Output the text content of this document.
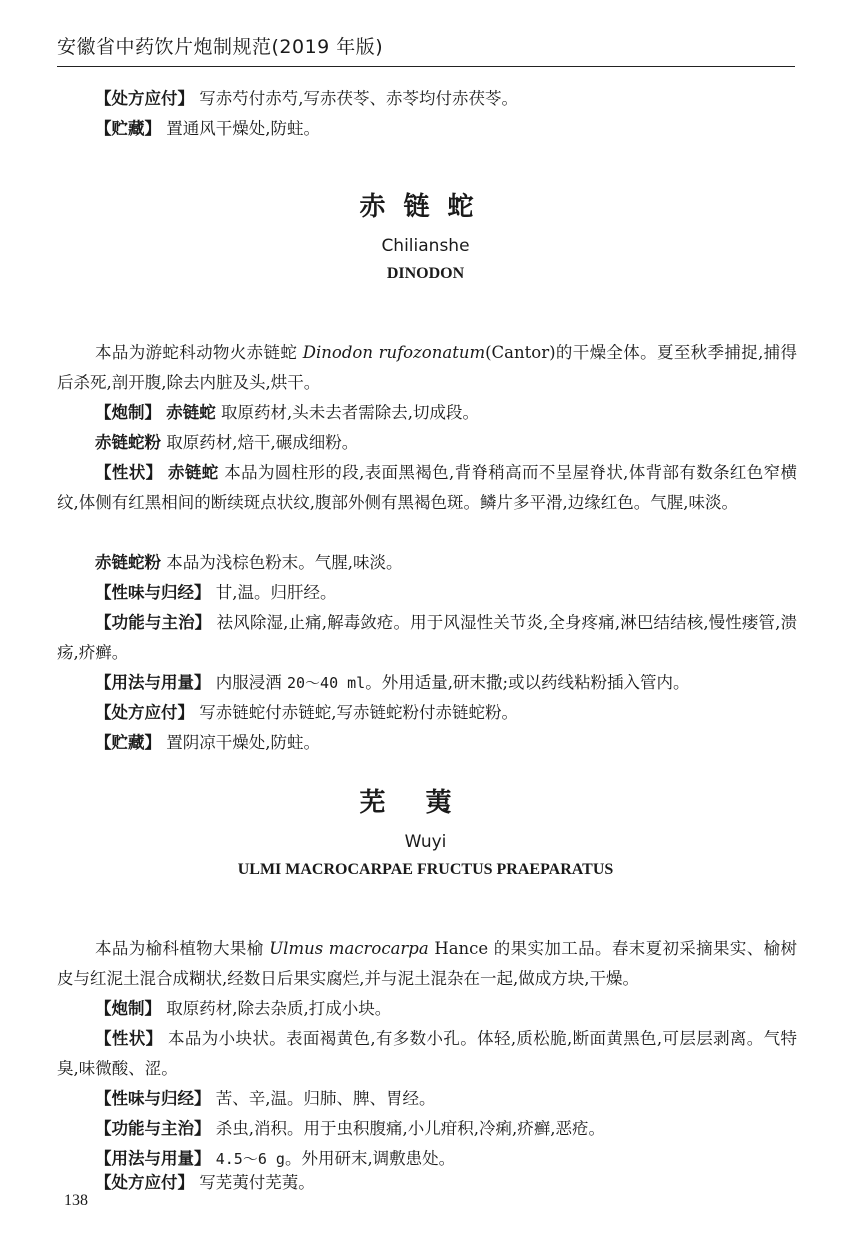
安徽省中药饮片炮制规范(2019 年版)

【处方应付】 写赤芍付赤芍,写赤茯苓、赤苓均付赤茯苓。

【贮藏】 置通风干燥处,防蛀。

赤链蛇
Chilianshe
DINODON

本品为游蛇科动物火赤链蛇 Dinodon rufozonatum(Cantor)的干燥全体。夏至秋季捕捉,捕得后杀死,剖开腹,除去内脏及头,烘干。

【炮制】 赤链蛇 取原药材,头未去者需除去,切成段。

赤链蛇粉 取原药材,焙干,碾成细粉。

【性状】 赤链蛇 本品为圆柱形的段,表面黑褐色,背脊稍高而不呈屋脊状,体背部有数条红色窄横纹,体侧有红黑相间的断续斑点状纹,腹部外侧有黑褐色斑。鳞片多平滑,边缘红色。气腥,味淡。

赤链蛇粉 本品为浅棕色粉末。气腥,味淡。

【性味与归经】 甘,温。归肝经。

【功能与主治】 祛风除湿,止痛,解毒敛疮。用于风湿性关节炎,全身疼痛,淋巴结结核,慢性瘘管,溃疡,疥癣。

【用法与用量】 内服浸酒 20～40 ml。外用适量,研末撒;或以药线粘粉插入管内。

【处方应付】 写赤链蛇付赤链蛇,写赤链蛇粉付赤链蛇粉。

【贮藏】 置阴凉干燥处,防蛀。

芜荑
Wuyi
ULMI MACROCARPAE FRUCTUS PRAEPARATUS

本品为榆科植物大果榆 Ulmus macrocarpa Hance 的果实加工品。春末夏初采摘果实、榆树皮与红泥土混合成糊状,经数日后果实腐烂,并与泥土混杂在一起,做成方块,干燥。

【炮制】 取原药材,除去杂质,打成小块。

【性状】 本品为小块状。表面褐黄色,有多数小孔。体轻,质松脆,断面黄黑色,可层层剥离。气特臭,味微酸、涩。

【性味与归经】 苦、辛,温。归肺、脾、胃经。

【功能与主治】 杀虫,消积。用于虫积腹痛,小儿疳积,冷痢,疥癣,恶疮。

【用法与用量】 4.5～6 g。外用研末,调敷患处。

【处方应付】 写芜荑付芜荑。

138
